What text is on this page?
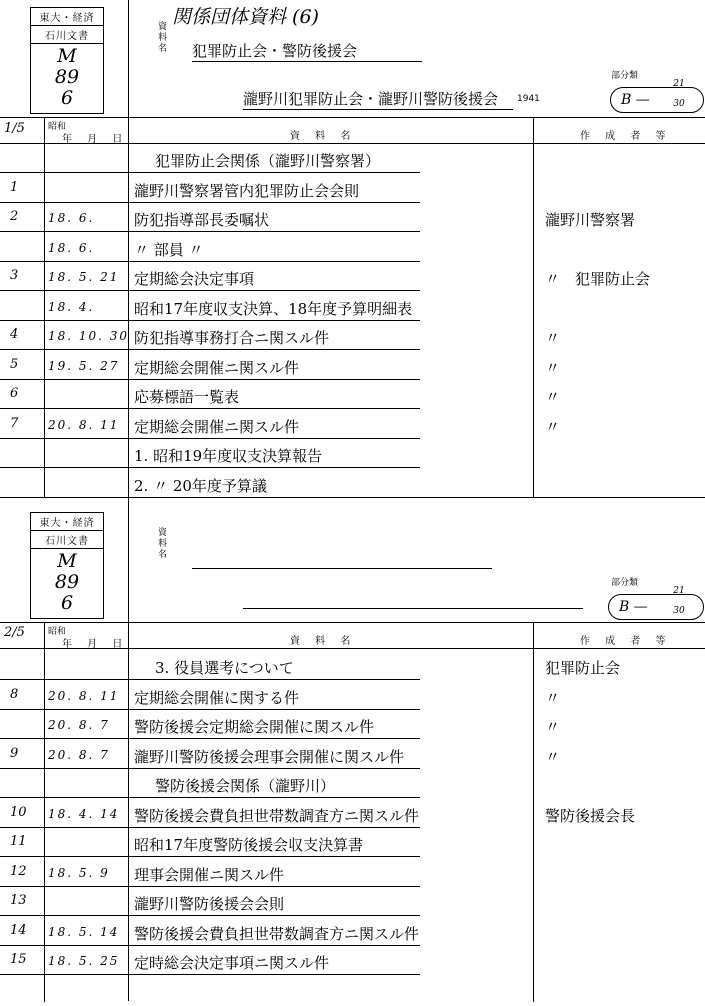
東大・経済
石川文書
M
89
6
関係団体資料 (6)
資料名 犯罪防止会・警防後援会
瀧野川犯罪防止会・瀧野川警防後援会	1941
部分類
B —
21
30
1/5	昭和
年 月 日	資 料 名	作 成 者 等
犯罪防止会関係（瀧野川警察署）
1	瀧野川警察署管内犯罪防止会会則
2 18. 6.	防犯指導部長委嘱状	瀧野川警察署
18. 6.	〃 部員 〃
3 18. 5. 21 定期総会決定事項	〃　犯罪防止会
18. 4.	昭和17年度収支決算、18年度予算明細表
4 18. 10. 30 防犯指導事務打合ニ関スル件	〃
5 19. 5. 27 定期総会開催ニ関スル件	〃
6	応募標語一覧表	〃
7 20. 8. 11 定期総会開催ニ関スル件	〃
1. 昭和19年度収支決算報告
2. 〃 20年度予算議
東大・経済
石川文書
M
89
6
資料名
部分類
B —
21
30
2/5	昭和
年 月 日	資 料 名	作 成 者 等
3. 役員選考について	犯罪防止会
8 20. 8. 11 定期総会開催に関する件	〃
20. 8. 7 警防後援会定期総会開催に関スル件	〃
9 20. 8. 7 瀧野川警防後援会理事会開催に関スル件	〃
警防後援会関係（瀧野川）
10 18. 4. 14 警防後援会費負担世帯数調査方ニ関スル件	警防後援会長
11	昭和17年度警防後援会収支決算書
12 18. 5. 9 理事会開催ニ関スル件
13	瀧野川警防後援会会則
14 18. 5. 14 警防後援会費負担世帯数調査方ニ関スル件
15 18. 5. 25 定時総会決定事項ニ関スル件
